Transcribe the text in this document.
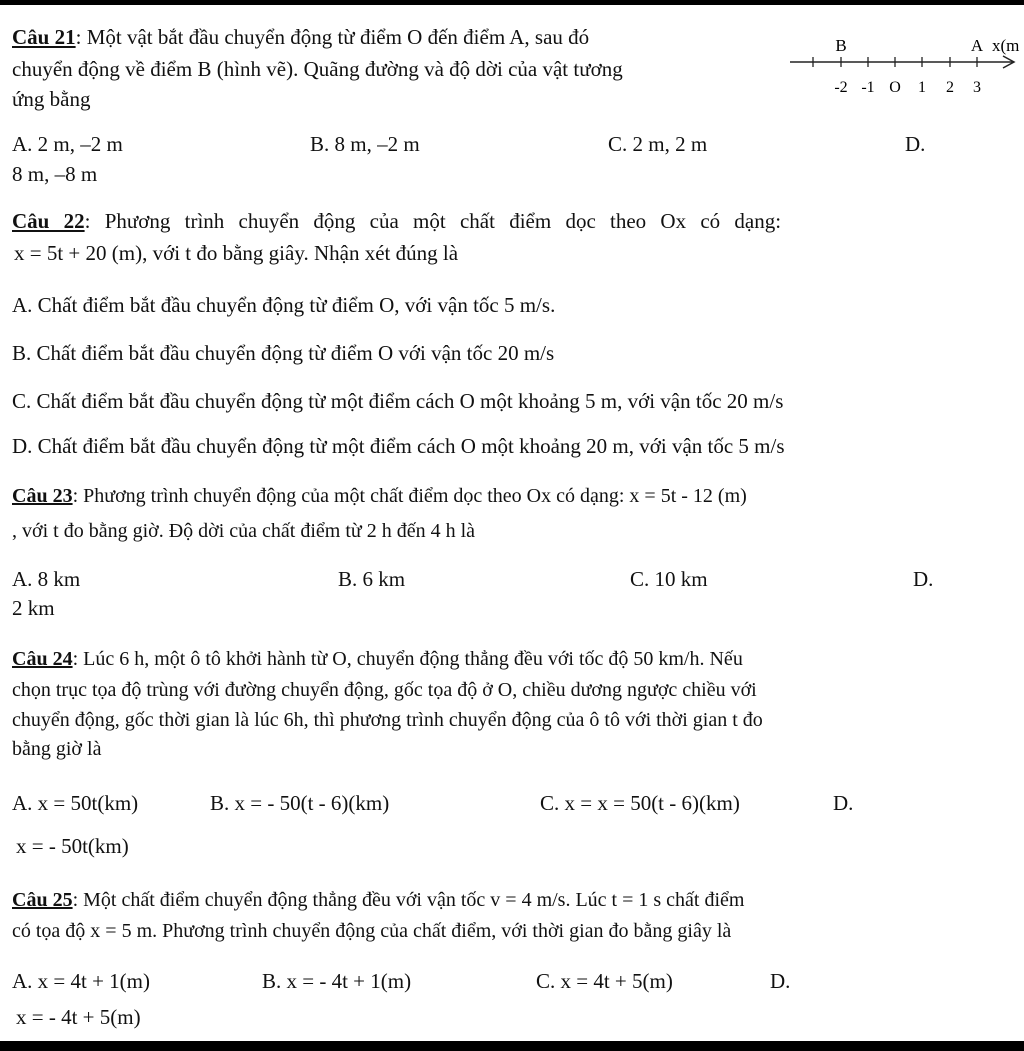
Câu 21: Một vật bắt đầu chuyển động từ điểm O đến điểm A, sau đó
chuyển động về điểm B (hình vẽ). Quãng đường và độ dời của vật tương
ứng bằng
B	A x(m
-2 -1 O 1 2 3
A. 2 m, –2 m	B. 8 m, –2 m	C. 2 m, 2 m	D.
8 m, –8 m
Câu 22: Phương trình chuyển động của một chất điểm dọc theo Ox có dạng:
x = 5t + 20 (m), với t đo bằng giây. Nhận xét đúng là
A. Chất điểm bắt đầu chuyển động từ điểm O, với vận tốc 5 m/s.
B. Chất điểm bắt đầu chuyển động từ điểm O với vận tốc 20 m/s
C. Chất điểm bắt đầu chuyển động từ một điểm cách O một khoảng 5 m, với vận tốc 20 m/s
D. Chất điểm bắt đầu chuyển động từ một điểm cách O một khoảng 20 m, với vận tốc 5 m/s
Câu 23: Phương trình chuyển động của một chất điểm dọc theo Ox có dạng: x = 5t - 12 (m)
, với t đo bằng giờ. Độ dời của chất điểm từ 2 h đến 4 h là
A. 8 km	B. 6 km	C. 10 km	D.
2 km
Câu 24: Lúc 6 h, một ô tô khởi hành từ O, chuyển động thẳng đều với tốc độ 50 km/h. Nếu
chọn trục tọa độ trùng với đường chuyển động, gốc tọa độ ở O, chiều dương ngược chiều với
chuyển động, gốc thời gian là lúc 6h, thì phương trình chuyển động của ô tô với thời gian t đo
bằng giờ là
A. x = 50t(km)	B. x = - 50(t - 6)(km)	C. x = x = 50(t - 6)(km)	D.
x = - 50t(km)
Câu 25: Một chất điểm chuyển động thẳng đều với vận tốc v = 4 m/s. Lúc t = 1 s chất điểm
có tọa độ x = 5 m. Phương trình chuyển động của chất điểm, với thời gian đo bằng giây là
A. x = 4t + 1(m)	B. x = - 4t + 1(m)	C. x = 4t + 5(m)	D.
x = - 4t + 5(m)
